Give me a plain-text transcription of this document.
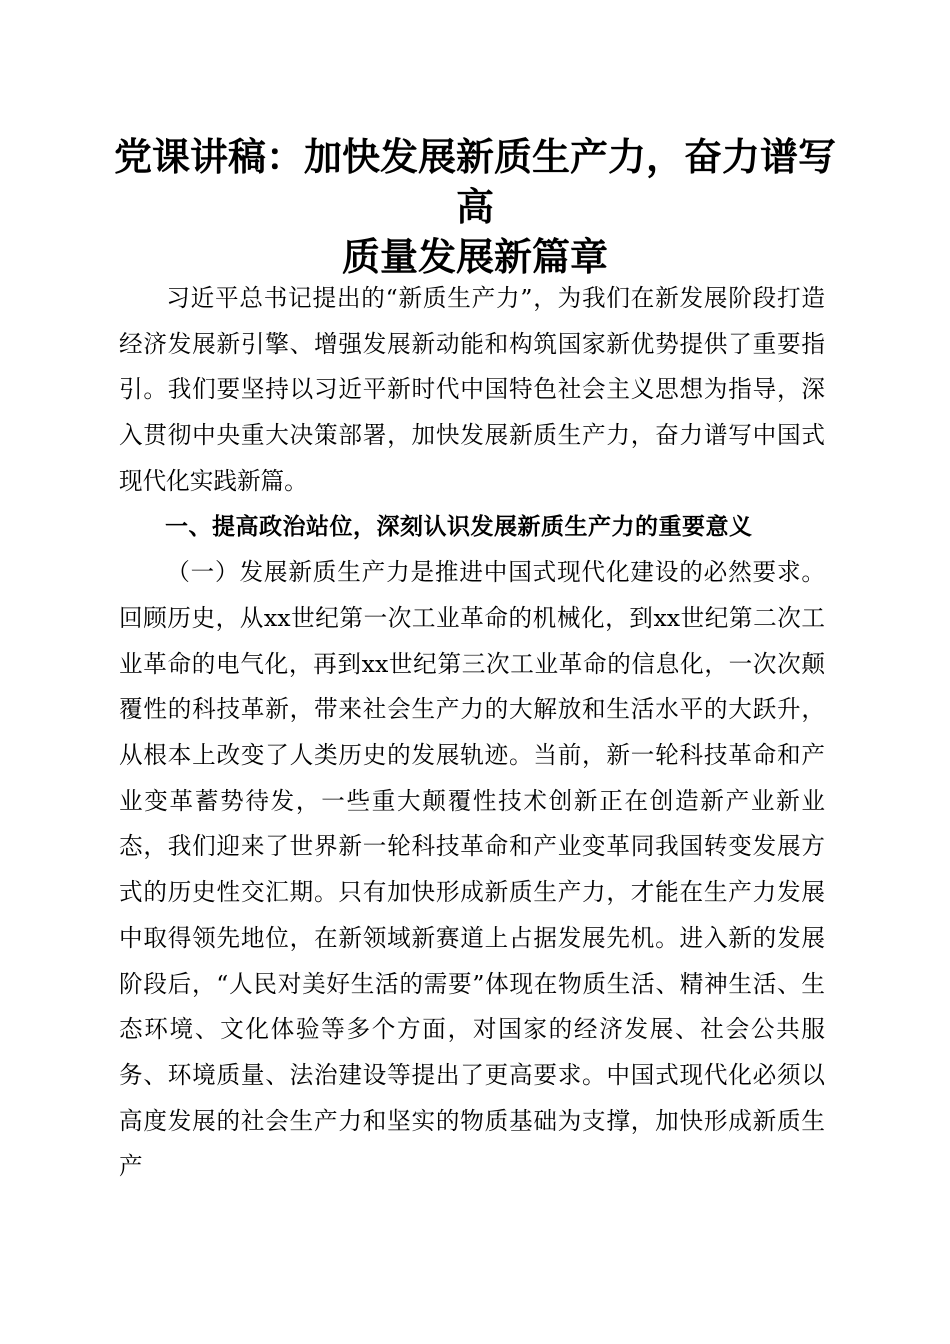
党课讲稿：加快发展新质生产力，奋力谱写高
质量发展新篇章

习近平总书记提出的“新质生产力”，为我们在新发展阶段打造经济发展新引擎、增强发展新动能和构筑国家新优势提供了重要指引。我们要坚持以习近平新时代中国特色社会主义思想为指导，深入贯彻中央重大决策部署，加快发展新质生产力，奋力谱写中国式现代化实践新篇。

一、提高政治站位，深刻认识发展新质生产力的重要意义

（一）发展新质生产力是推进中国式现代化建设的必然要求。回顾历史，从xx世纪第一次工业革命的机械化，到xx世纪第二次工业革命的电气化，再到xx世纪第三次工业革命的信息化，一次次颠覆性的科技革新，带来社会生产力的大解放和生活水平的大跃升，从根本上改变了人类历史的发展轨迹。当前，新一轮科技革命和产业变革蓄势待发，一些重大颠覆性技术创新正在创造新产业新业态，我们迎来了世界新一轮科技革命和产业变革同我国转变发展方式的历史性交汇期。只有加快形成新质生产力，才能在生产力发展中取得领先地位，在新领域新赛道上占据发展先机。进入新的发展阶段后，“人民对美好生活的需要”体现在物质生活、精神生活、生态环境、文化体验等多个方面，对国家的经济发展、社会公共服务、环境质量、法治建设等提出了更高要求。中国式现代化必须以高度发展的社会生产力和坚实的物质基础为支撑，加快形成新质生产
